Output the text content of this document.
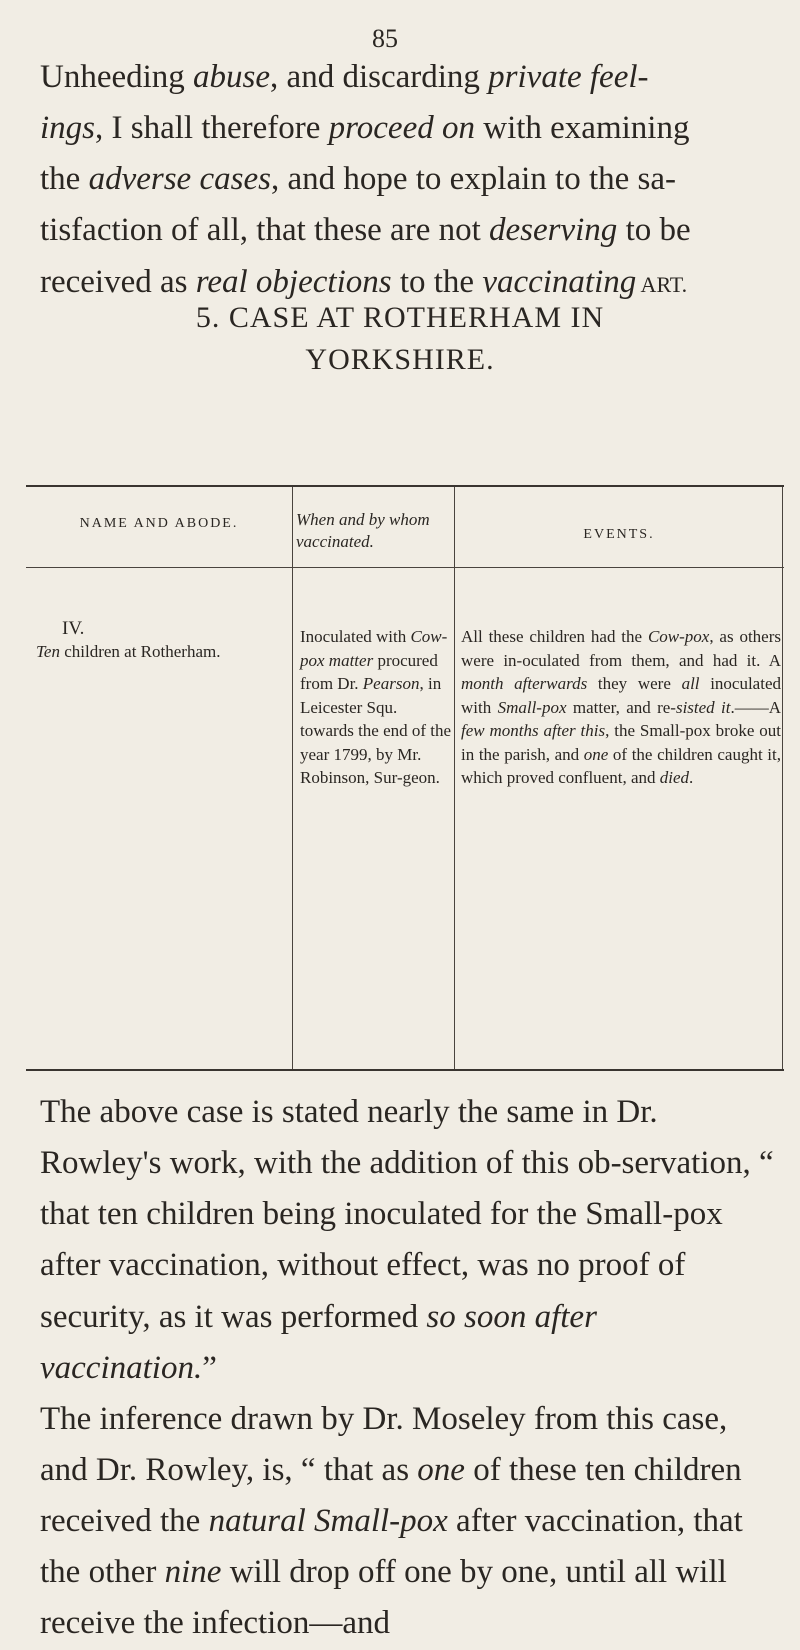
85

Unheeding abuse, and discarding private feel-
ings, I shall therefore proceed on with examining
the adverse cases, and hope to explain to the sa-
tisfaction of all, that these are not deserving to be
received as real objections to the vaccinating ART.

5. CASE AT ROTHERHAM IN
YORKSHIRE.
NAME AND ABODE.	When and by whom vaccinated.	EVENTS.
IV.
Ten children at Rotherham.
Inoculated with Cow-pox matter procured from Dr. Pearson, in Leicester Squ. towards the end of the year 1799, by Mr. Robinson, Sur-geon.
All these children had the Cow-pox, as others were in-oculated from them, and had it. A month afterwards they were all inoculated with Small-pox matter, and re-sisted it.——A few months after this, the Small-pox broke out in the parish, and one of the children caught it, which proved confluent, and died.
The above case is stated nearly the same in Dr. Rowley's work, with the addition of this ob-servation, “ that ten children being inoculated for the Small-pox after vaccination, without effect, was no proof of security, as it was performed so soon after vaccination.”
The inference drawn by Dr. Moseley from this case, and Dr. Rowley, is, “ that as one of these ten children received the natural Small-pox after vaccination, that the other nine will drop off one by one, until all will receive the infection—and
